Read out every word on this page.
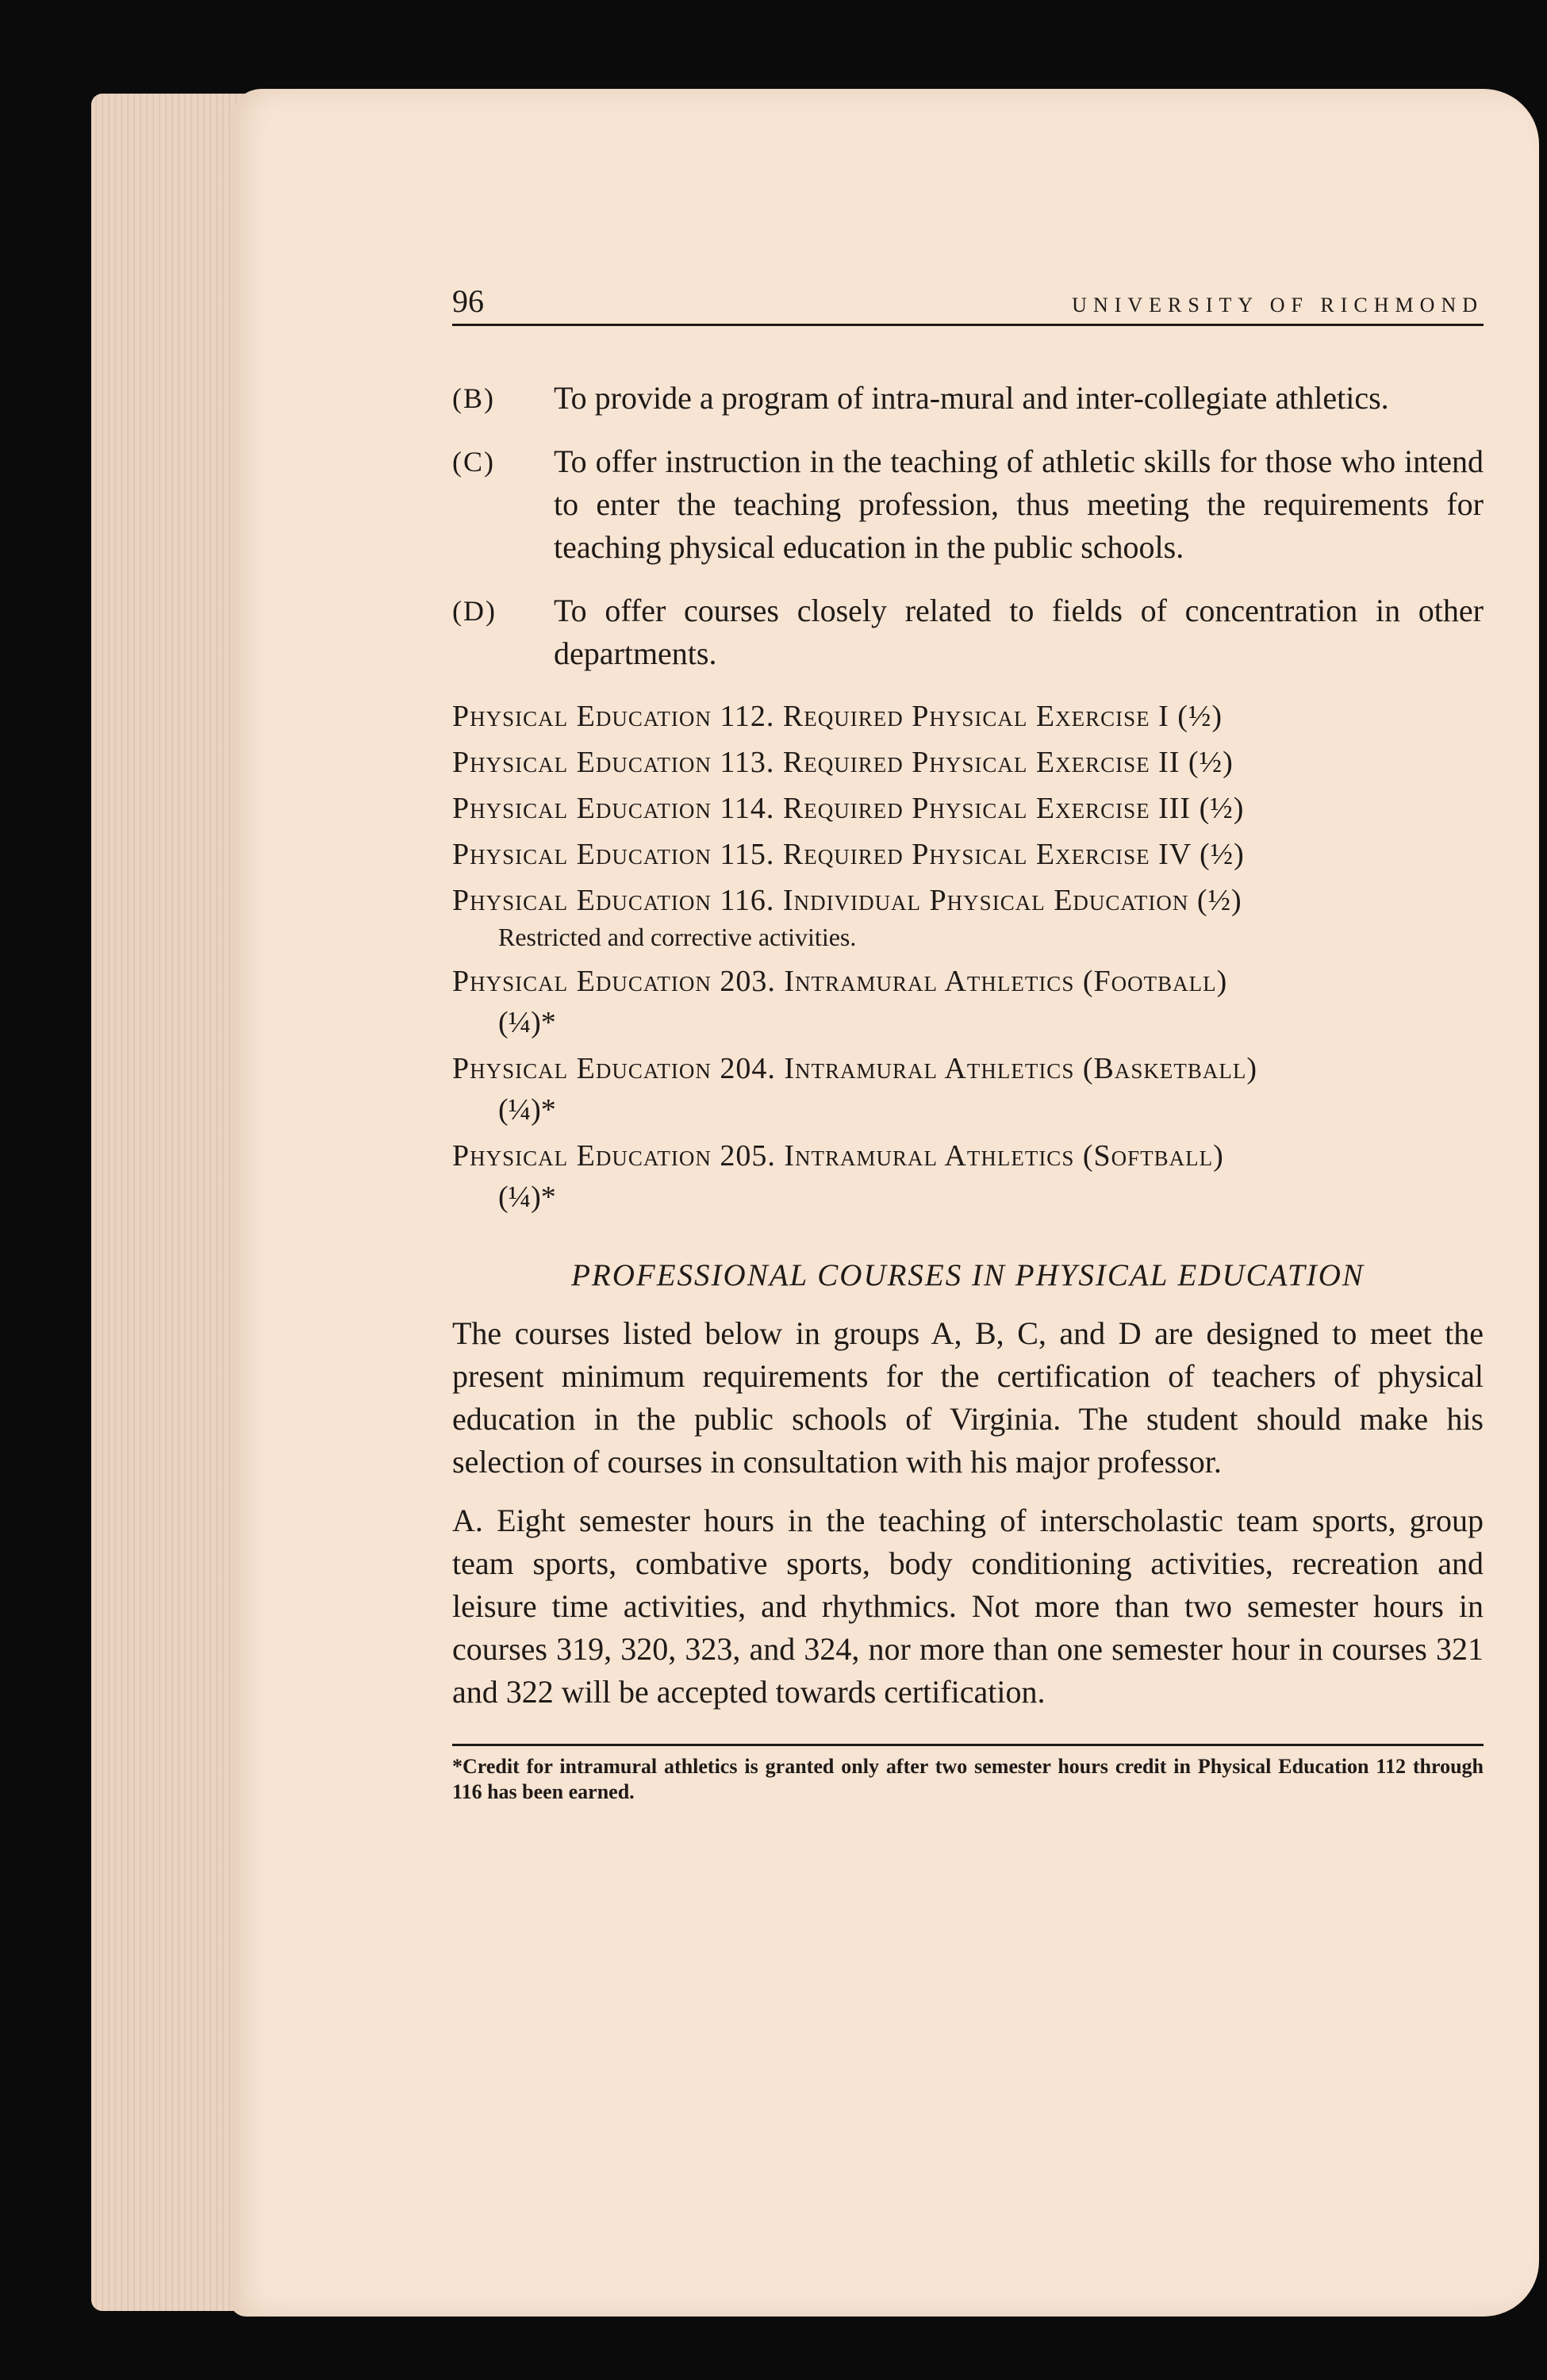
96	UNIVERSITY OF RICHMOND
(B)	To provide a program of intra-mural and inter-collegiate athletics.
(C)	To offer instruction in the teaching of athletic skills for those who intend to enter the teaching profession, thus meeting the requirements for teaching physical education in the public schools.
(D)	To offer courses closely related to fields of concentration in other departments.
Physical Education 112. Required Physical Exercise I (½)
Physical Education 113. Required Physical Exercise II (½)
Physical Education 114. Required Physical Exercise III (½)
Physical Education 115. Required Physical Exercise IV (½)
Physical Education 116. Individual Physical Education (½)
Restricted and corrective activities.
Physical Education 203. Intramural Athletics (Football)
(¼)*
Physical Education 204. Intramural Athletics (Basketball)
(¼)*
Physical Education 205. Intramural Athletics (Softball)
(¼)*
PROFESSIONAL COURSES IN PHYSICAL EDUCATION

The courses listed below in groups A, B, C, and D are designed to meet the present minimum requirements for the certification of teachers of physical education in the public schools of Virginia. The student should make his selection of courses in consultation with his major professor.

A. Eight semester hours in the teaching of interscholastic team sports, group team sports, combative sports, body conditioning activities, recreation and leisure time activities, and rhythmics. Not more than two semester hours in courses 319, 320, 323, and 324, nor more than one semester hour in courses 321 and 322 will be accepted towards certification.

*Credit for intramural athletics is granted only after two semester hours credit in Physical Education 112 through 116 has been earned.
